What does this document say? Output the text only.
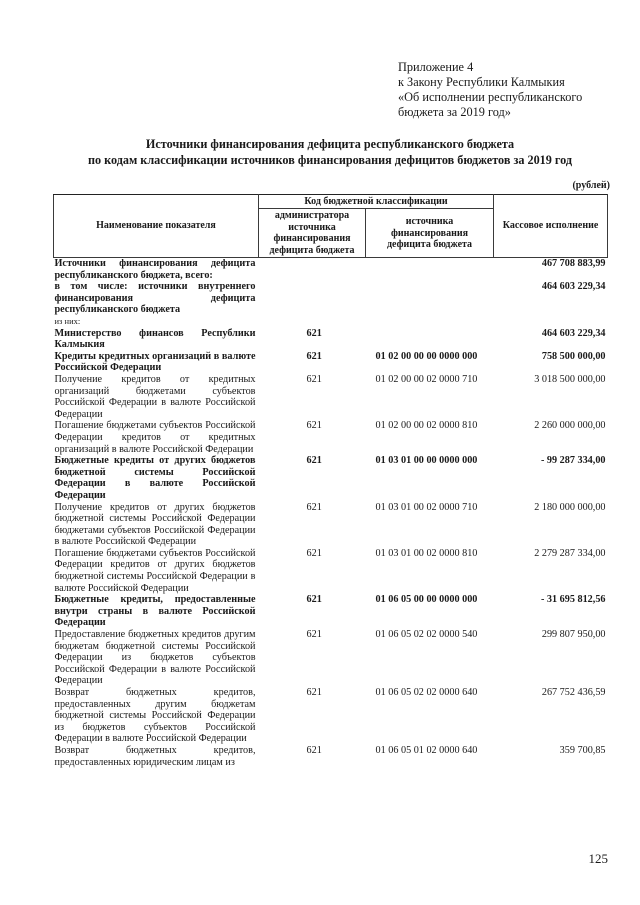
Приложение 4
к Закону Республики Калмыкия
«Об исполнении республиканского
бюджета за 2019 год»
Источники финансирования дефицита республиканского бюджета
по кодам классификации источников финансирования дефицитов бюджетов за 2019 год
(рублей)
Наименование показателя	Код бюджетной классификации		Кассовое исполнение
	администратора источника финансирования дефицита бюджета	источника финансирования дефицита бюджета	
Источники финансирования дефицита республиканского бюджета, всего:			467 708 883,99
в том числе: источники внутреннего финансирования дефицита республиканского бюджета			464 603 229,34
из них:			
Министерство финансов Республики Калмыкия	621		464 603 229,34
Кредиты кредитных организаций в валюте Российской Федерации	621	01 02 00 00 00 0000 000	758 500 000,00
Получение кредитов от кредитных организаций бюджетами субъектов Российской Федерации в валюте Российской Федерации	621	01 02 00 00 02 0000 710	3 018 500 000,00
Погашение бюджетами субъектов Российской Федерации кредитов от кредитных организаций в валюте Российской Федерации	621	01 02 00 00 02 0000 810	2 260 000 000,00
Бюджетные кредиты от других бюджетов бюджетной системы Российской Федерации в валюте Российской Федерации	621	01 03 01 00 00 0000 000	- 99 287 334,00
Получение кредитов от других бюджетов бюджетной системы Российской Федерации бюджетами субъектов Российской Федерации в валюте Российской Федерации	621	01 03 01 00 02 0000 710	2 180 000 000,00
Погашение бюджетами субъектов Российской Федерации кредитов от других бюджетов бюджетной системы Российской Федерации в валюте Российской Федерации	621	01 03 01 00 02 0000 810	2 279 287 334,00
Бюджетные кредиты, предоставленные внутри страны в валюте Российской Федерации	621	01 06 05 00 00 0000 000	- 31 695 812,56
Предоставление бюджетных кредитов другим бюджетам бюджетной системы Российской Федерации из бюджетов субъектов Российской Федерации в валюте Российской Федерации	621	01 06 05 02 02 0000 540	299 807 950,00
Возврат бюджетных кредитов, предоставленных другим бюджетам бюджетной системы Российской Федерации из бюджетов субъектов Российской Федерации в валюте Российской Федерации	621	01 06 05 02 02 0000 640	267 752 436,59
Возврат бюджетных кредитов, предоставленных юридическим лицам из	621	01 06 05 01 02 0000 640	359 700,85
125
